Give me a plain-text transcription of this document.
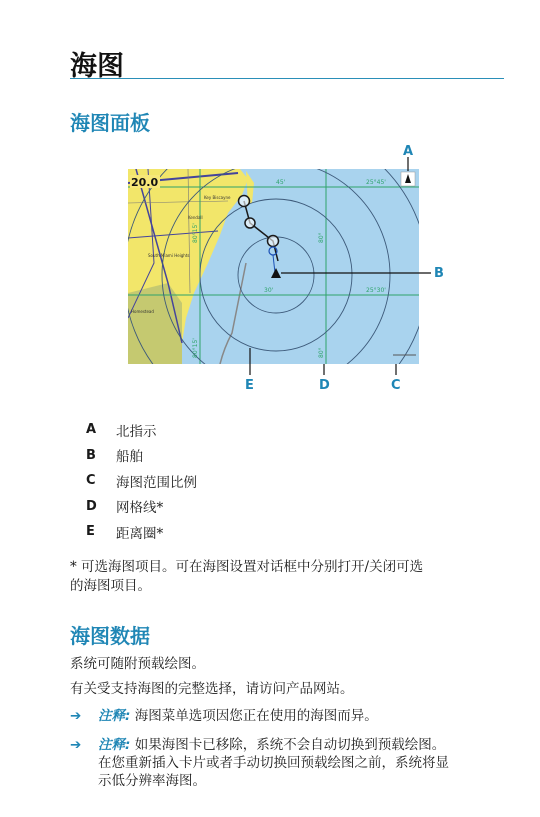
海图
海图面板
20.0	25°45'
25°30'
80°
80°
80°15'
80°15'
45'
30'
South Miami Heights
Kendall
Homestead
Key Biscayne
A
B
C
D
E
A	北指示
B	船舶
C	海图范围比例
D	网格线*
E	距离圈*
* 可选海图项目。可在海图设置对话框中分别打开/关闭可选
的海图项目。
海图数据
系统可随附预载绘图。
有关受支持海图的完整选择，请访问产品网站。
➔ 注释: 海图菜单选项因您正在使用的海图而异。
➔ 注释: 如果海图卡已移除，系统不会自动切换到预载绘图。
在您重新插入卡片或者手动切换回预载绘图之前，系统将显
示低分辨率海图。
